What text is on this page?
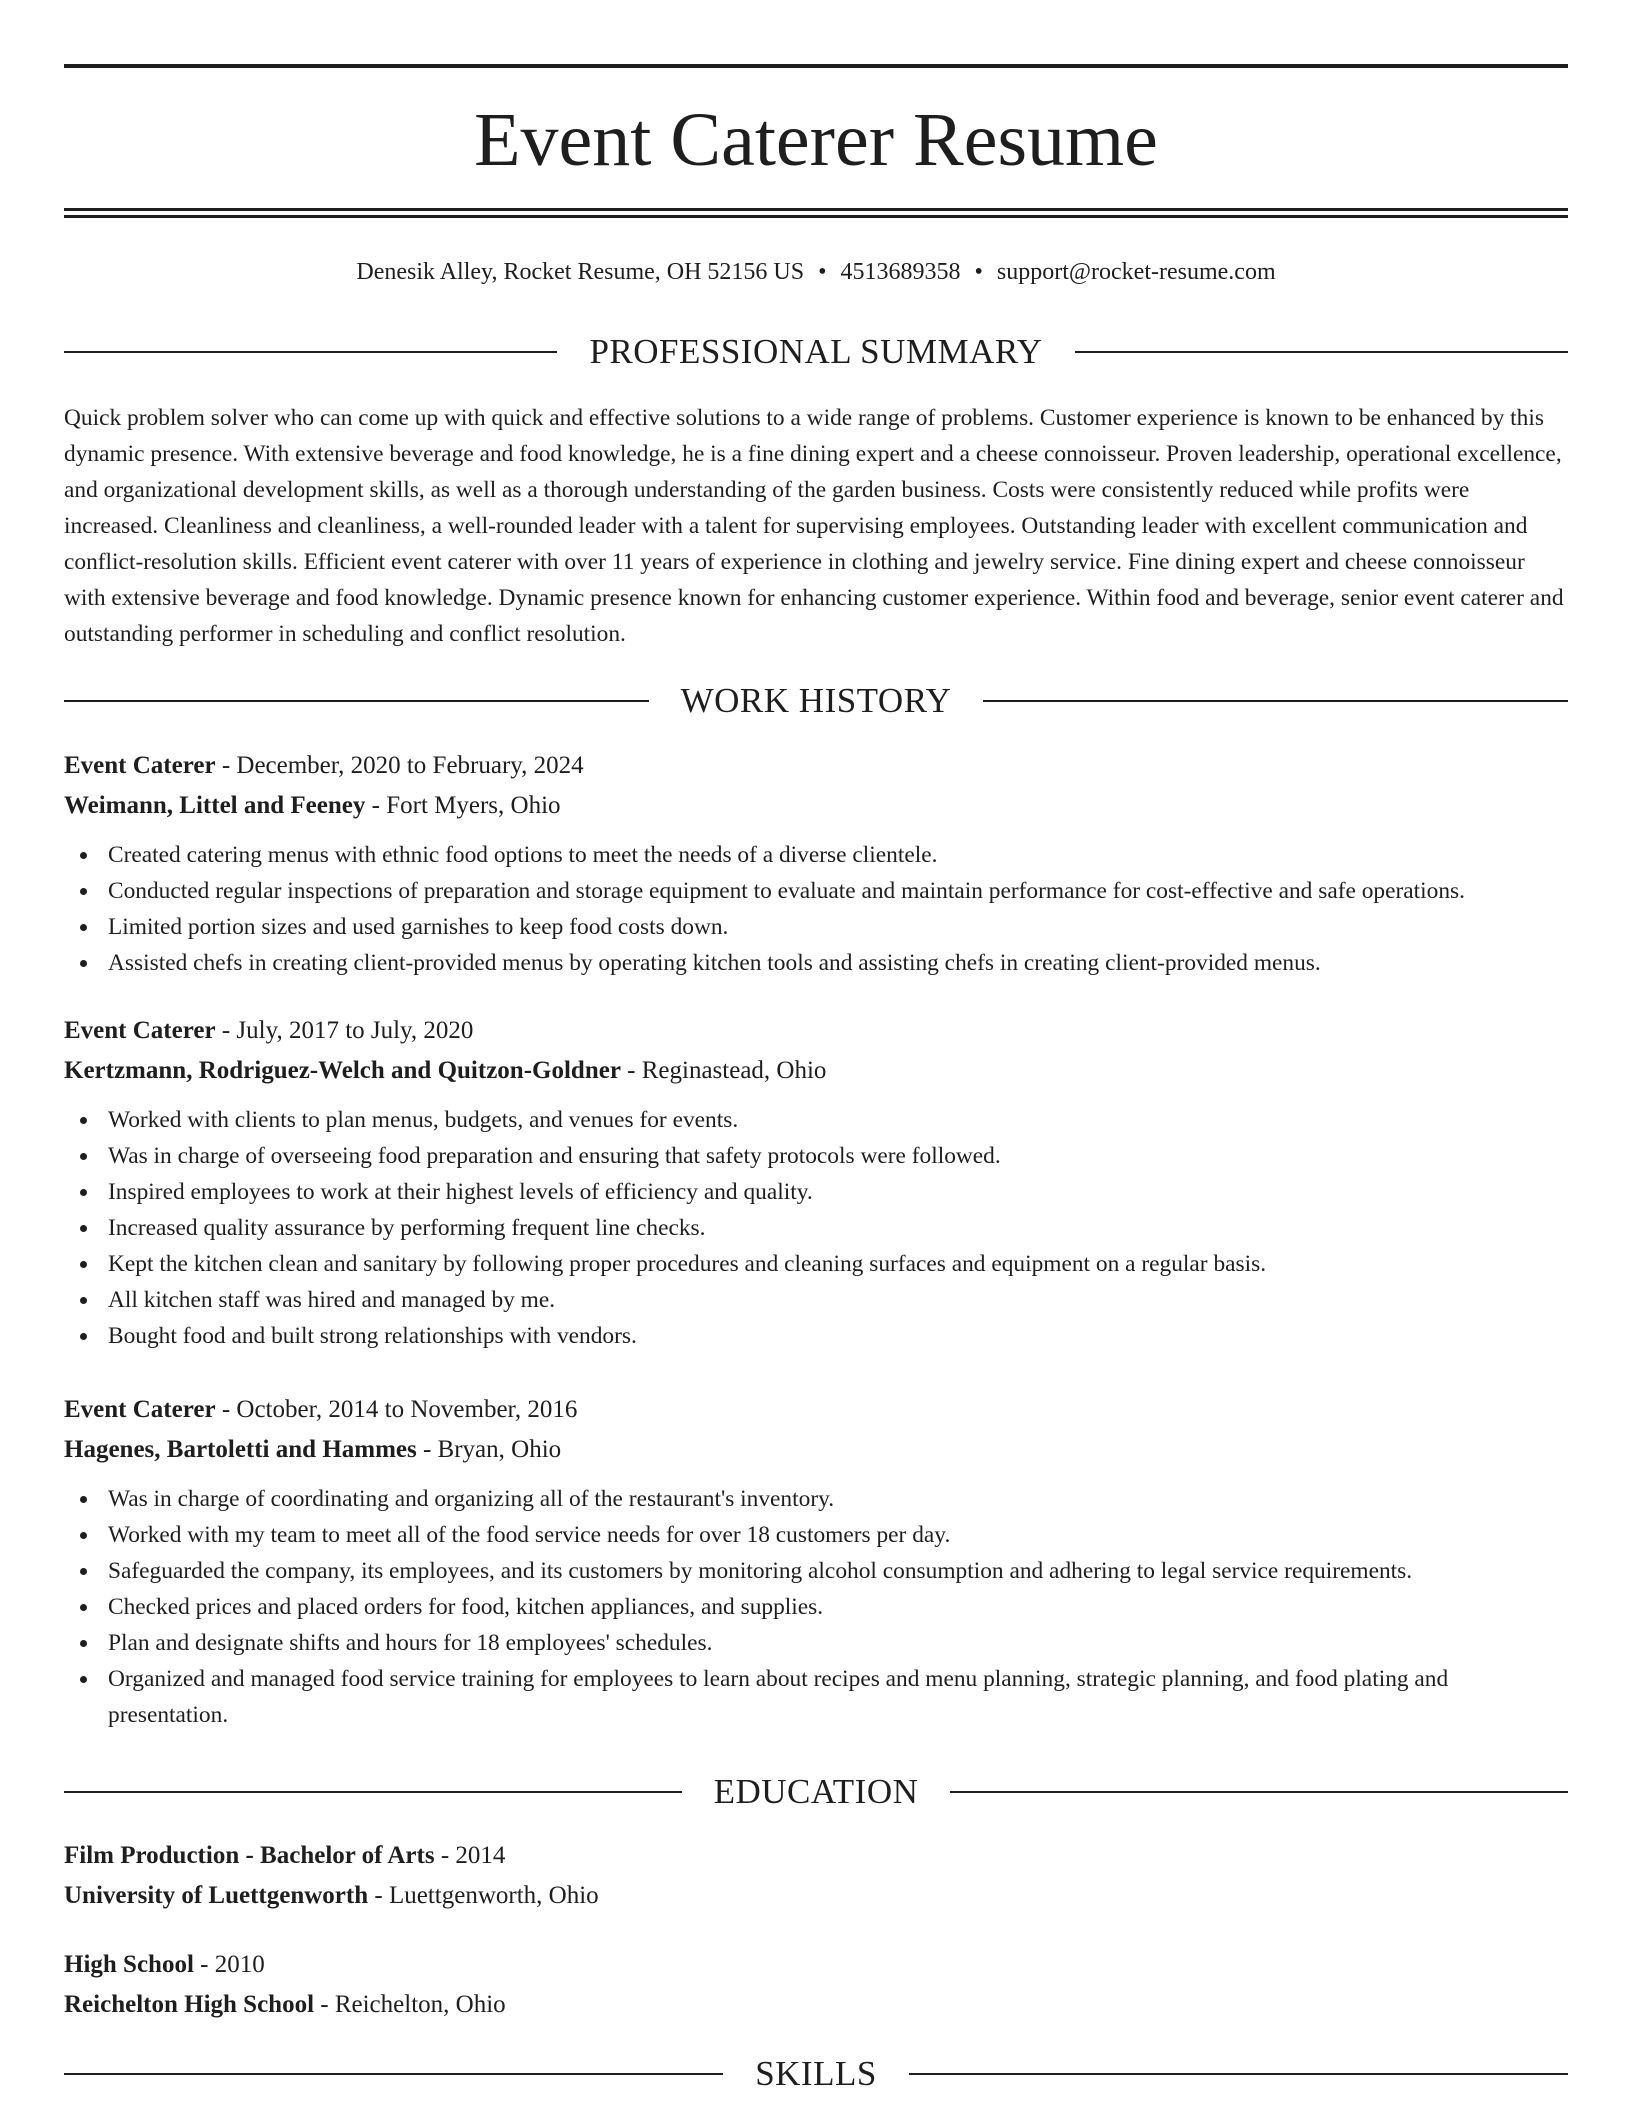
Event Caterer Resume
Denesik Alley, Rocket Resume, OH 52156 US • 4513689358 • support@rocket-resume.com
PROFESSIONAL SUMMARY

Quick problem solver who can come up with quick and effective solutions to a wide range of problems. Customer experience is known to be enhanced by this dynamic presence. With extensive beverage and food knowledge, he is a fine dining expert and a cheese connoisseur. Proven leadership, operational excellence, and organizational development skills, as well as a thorough understanding of the garden business. Costs were consistently reduced while profits were increased. Cleanliness and cleanliness, a well-rounded leader with a talent for supervising employees. Outstanding leader with excellent communication and conflict-resolution skills. Efficient event caterer with over 11 years of experience in clothing and jewelry service. Fine dining expert and cheese connoisseur with extensive beverage and food knowledge. Dynamic presence known for enhancing customer experience. Within food and beverage, senior event caterer and outstanding performer in scheduling and conflict resolution.

WORK HISTORY
Event Caterer - December, 2020 to February, 2024
Weimann, Littel and Feeney - Fort Myers, Ohio
Created catering menus with ethnic food options to meet the needs of a diverse clientele.
Conducted regular inspections of preparation and storage equipment to evaluate and maintain performance for cost-effective and safe operations.
Limited portion sizes and used garnishes to keep food costs down.
Assisted chefs in creating client-provided menus by operating kitchen tools and assisting chefs in creating client-provided menus.
Event Caterer - July, 2017 to July, 2020
Kertzmann, Rodriguez-Welch and Quitzon-Goldner - Reginastead, Ohio
Worked with clients to plan menus, budgets, and venues for events.
Was in charge of overseeing food preparation and ensuring that safety protocols were followed.
Inspired employees to work at their highest levels of efficiency and quality.
Increased quality assurance by performing frequent line checks.
Kept the kitchen clean and sanitary by following proper procedures and cleaning surfaces and equipment on a regular basis.
All kitchen staff was hired and managed by me.
Bought food and built strong relationships with vendors.
Event Caterer - October, 2014 to November, 2016
Hagenes, Bartoletti and Hammes - Bryan, Ohio
Was in charge of coordinating and organizing all of the restaurant's inventory.
Worked with my team to meet all of the food service needs for over 18 customers per day.
Safeguarded the company, its employees, and its customers by monitoring alcohol consumption and adhering to legal service requirements.
Checked prices and placed orders for food, kitchen appliances, and supplies.
Plan and designate shifts and hours for 18 employees' schedules.
Organized and managed food service training for employees to learn about recipes and menu planning, strategic planning, and food plating and presentation.
EDUCATION
Film Production - Bachelor of Arts - 2014
University of Luettgenworth - Luettgenworth, Ohio
High School - 2010
Reichelton High School - Reichelton, Ohio
SKILLS
